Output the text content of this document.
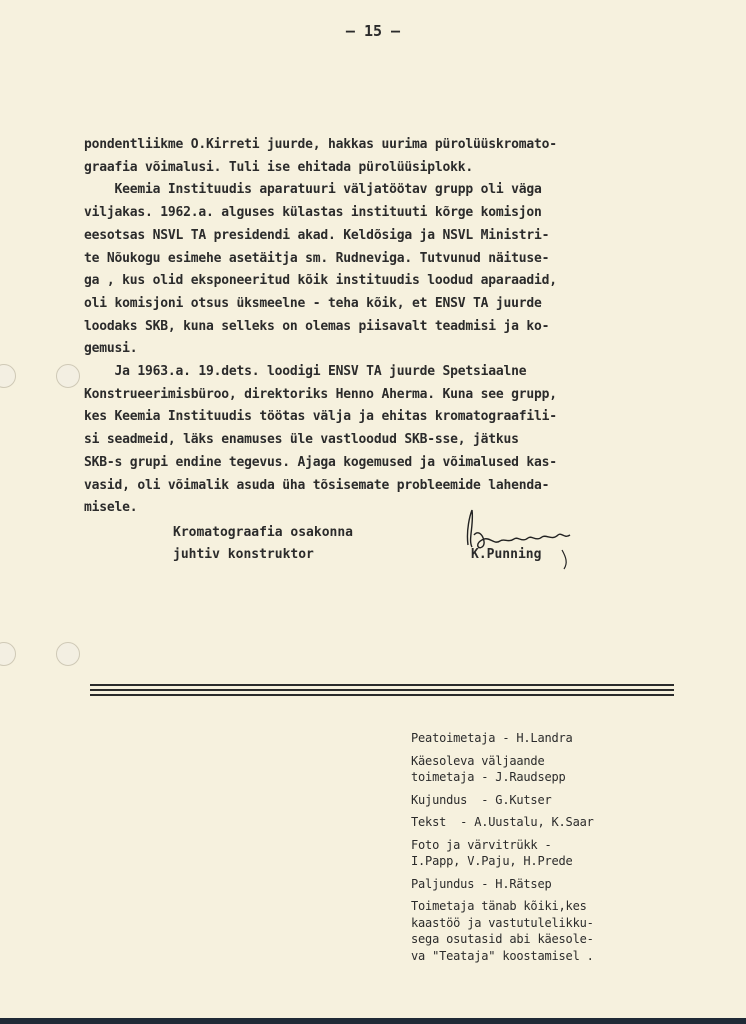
— 15 —
pondentliikme O.Kirreti juurde, hakkas uurima pürolüüskromato-
graafia võimalusi. Tuli ise ehitada pürolüüsiplokk.
Keemia Instituudis aparatuuri väljatöötav grupp oli väga
viljakas. 1962.a. alguses külastas instituuti kõrge komisjon
eesotsas NSVL TA presidendi akad. Keldõsiga ja NSVL Ministri-
te Nõukogu esimehe asetäitja sm. Rudneviga. Tutvunud näituse-
ga , kus olid eksponeeritud kõik instituudis loodud aparaadid,
oli komisjoni otsus üksmeelne - teha kõik, et ENSV TA juurde
loodaks SKB, kuna selleks on olemas piisavalt teadmisi ja ko-
gemusi.
Ja 1963.a. 19.dets. loodigi ENSV TA juurde Spetsiaalne
Konstrueerimisbüroo, direktoriks Henno Aherma. Kuna see grupp,
kes Keemia Instituudis töötas välja ja ehitas kromatograafili-
si seadmeid, läks enamuses üle vastloodud SKB-sse, jätkus
SKB-s grupi endine tegevus. Ajaga kogemused ja võimalused kas-
vasid, oli võimalik asuda üha tõsisemate probleemide lahenda-
misele.
Kromatograafia osakonna
juhtiv konstruktor	K.Punning
Peatoimetaja - H.Landra
Käesoleva väljaande
toimetaja - J.Raudsepp
Kujundus  - G.Kutser
Tekst  - A.Uustalu, K.Saar
Foto ja värvitrükk -
I.Papp, V.Paju, H.Prede
Paljundus - H.Rätsep
Toimetaja tänab kõiki,kes
kaastöö ja vastutulelikku-
sega osutasid abi käesole-
va "Teataja" koostamisel .
